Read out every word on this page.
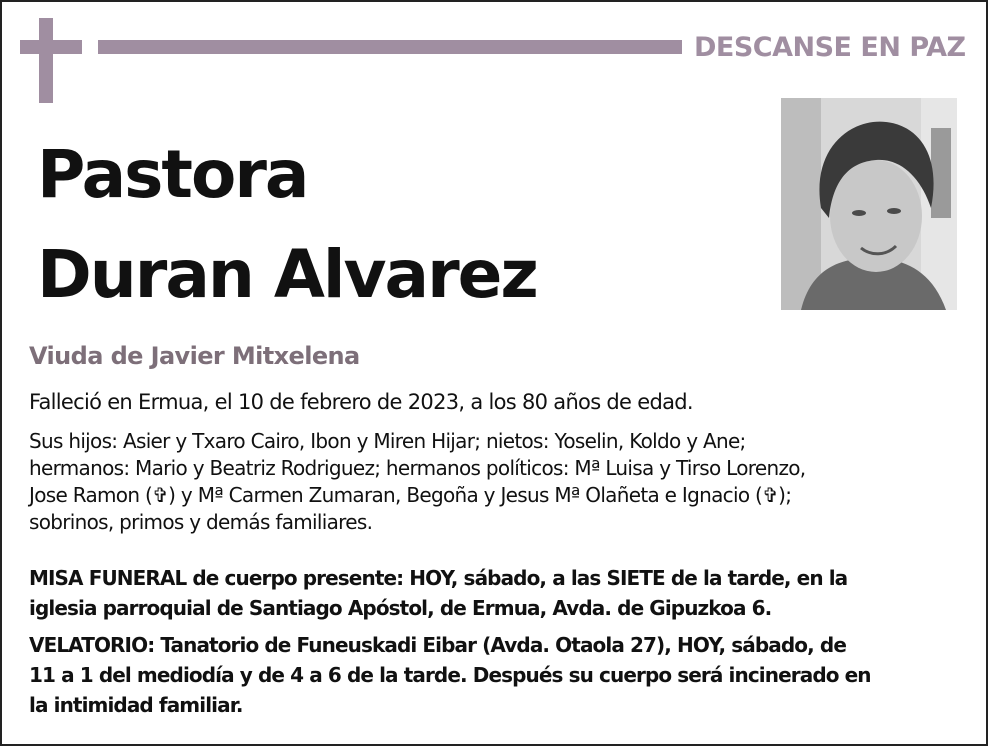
DESCANSE EN PAZ
Pastora
Duran Alvarez
Viuda de Javier Mitxelena
Falleció en Ermua, el 10 de febrero de 2023, a los 80 años de edad.
Sus hijos: Asier y Txaro Cairo, Ibon y Miren Hijar; nietos: Yoselin, Koldo y Ane;
hermanos: Mario y Beatriz Rodriguez; hermanos políticos: Mª Luisa y Tirso Lorenzo,
Jose Ramon (✞) y Mª Carmen Zumaran, Begoña y Jesus Mª Olañeta e Ignacio (✞);
sobrinos, primos y demás familiares.
MISA FUNERAL de cuerpo presente: HOY, sábado, a las SIETE de la tarde, en la
iglesia parroquial de Santiago Apóstol, de Ermua, Avda. de Gipuzkoa 6.
VELATORIO: Tanatorio de Funeuskadi Eibar (Avda. Otaola 27), HOY, sábado, de
11 a 1 del mediodía y de 4 a 6 de la tarde. Después su cuerpo será incinerado en
la intimidad familiar.
